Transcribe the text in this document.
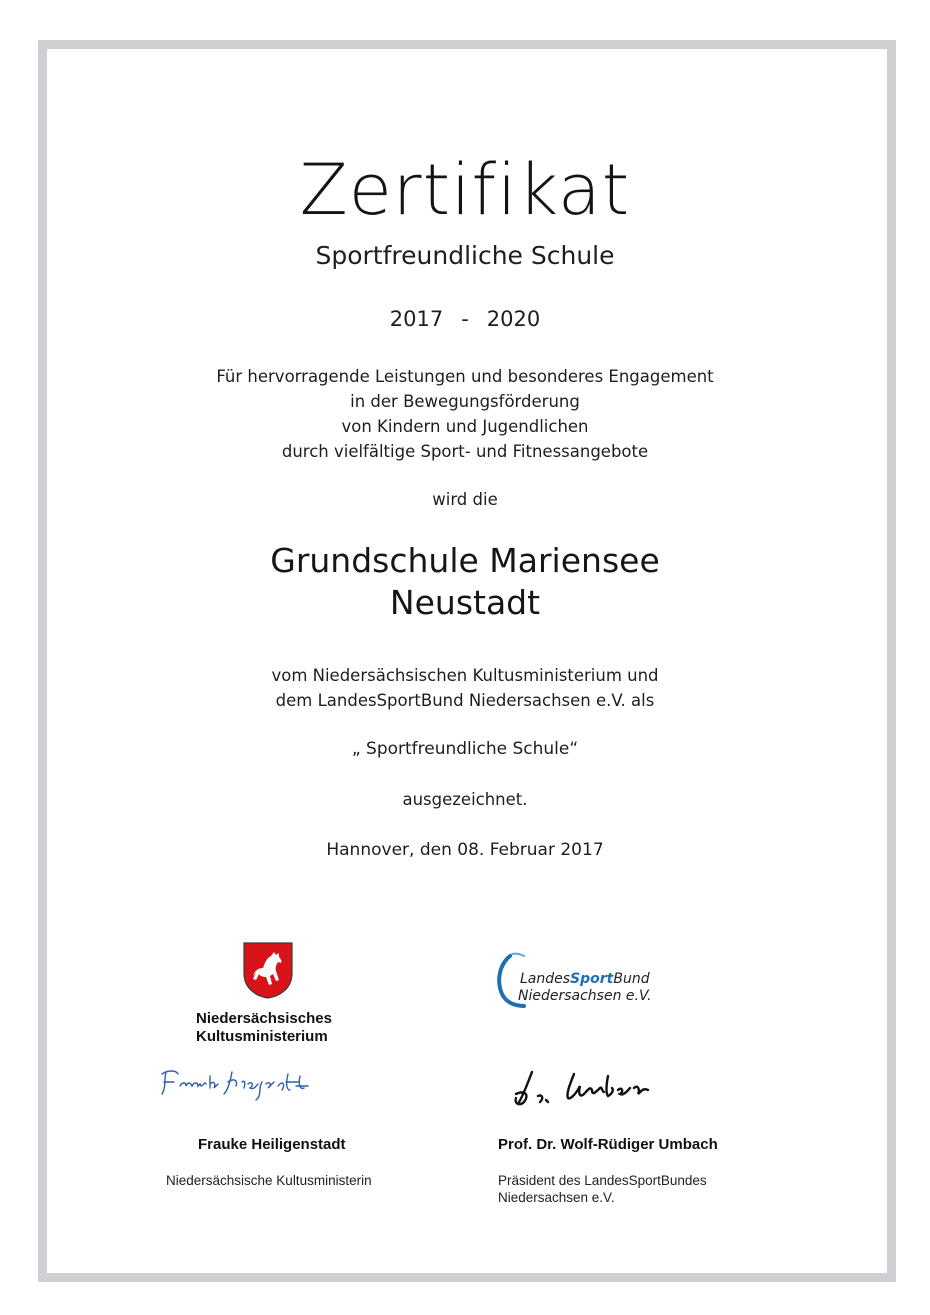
Zertifikat
Sportfreundliche Schule
2017 - 2020
Für hervorragende Leistungen und besonderes Engagement
in der Bewegungsförderung
von Kindern und Jugendlichen
durch vielfältige Sport- und Fitnessangebote
wird die
Grundschule Mariensee
Neustadt
vom Niedersächsischen Kultusministerium und
dem LandesSportBund Niedersachsen e.V. als
„ Sportfreundliche Schule“
ausgezeichnet.
Hannover, den 08. Februar 2017
Niedersächsisches
Kultusministerium
LandesSportBund
Niedersachsen e.V.
Frauke Heiligenstadt	Prof. Dr. Wolf-Rüdiger Umbach
Niedersächsische Kultusministerin	Präsident des LandesSportBundes
Niedersachsen e.V.
